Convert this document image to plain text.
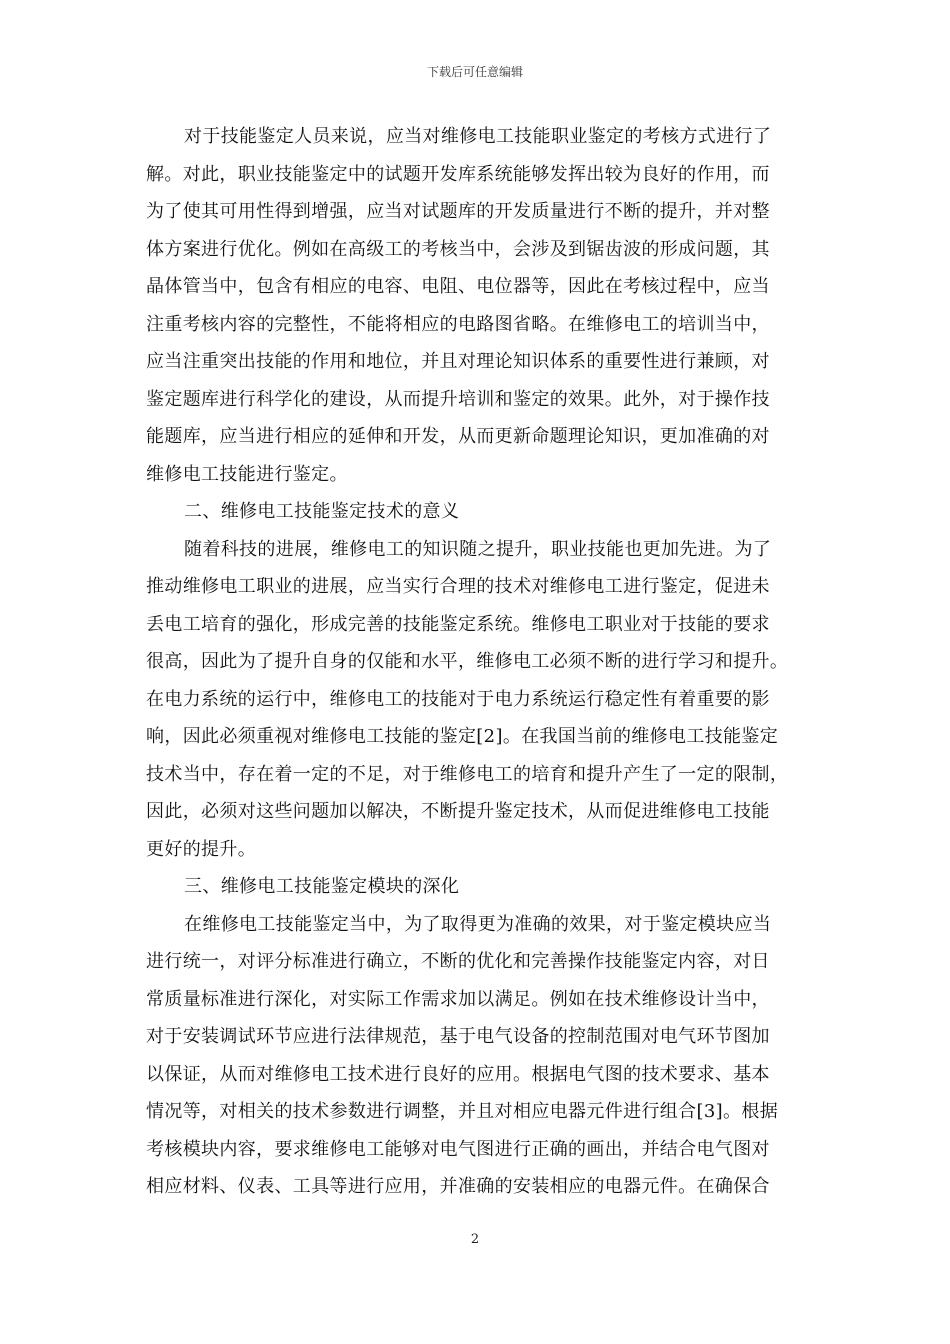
下载后可任意编辑
对于技能鉴定人员来说，应当对维修电工技能职业鉴定的考核方式进行了
解。对此，职业技能鉴定中的试题开发库系统能够发挥出较为良好的作用，而
为了使其可用性得到增强，应当对试题库的开发质量进行不断的提升，并对整
体方案进行优化。例如在高级工的考核当中，会涉及到锯齿波的形成问题，其
晶体管当中，包含有相应的电容、电阻、电位器等，因此在考核过程中，应当
注重考核内容的完整性，不能将相应的电路图省略。在维修电工的培训当中，
应当注重突出技能的作用和地位，并且对理论知识体系的重要性进行兼顾，对
鉴定题库进行科学化的建设，从而提升培训和鉴定的效果。此外，对于操作技
能题库，应当进行相应的延伸和开发，从而更新命题理论知识，更加准确的对
维修电工技能进行鉴定。
二、维修电工技能鉴定技术的意义
随着科技的进展，维修电工的知识随之提升，职业技能也更加先进。为了
推动维修电工职业的进展，应当实行合理的技术对维修电工进行鉴定，促进未
丢电工培育的强化，形成完善的技能鉴定系统。维修电工职业对于技能的要求
很高，因此为了提升自身的仅能和水平，维修电工必须不断的进行学习和提升。
在电力系统的运行中，维修电工的技能对于电力系统运行稳定性有着重要的影
响，因此必须重视对维修电工技能的鉴定[2]。在我国当前的维修电工技能鉴定
技术当中，存在着一定的不足，对于维修电工的培育和提升产生了一定的限制，
因此，必须对这些问题加以解决，不断提升鉴定技术，从而促进维修电工技能
更好的提升。
三、维修电工技能鉴定模块的深化
在维修电工技能鉴定当中，为了取得更为准确的效果，对于鉴定模块应当
进行统一，对评分标准进行确立，不断的优化和完善操作技能鉴定内容，对日
常质量标准进行深化，对实际工作需求加以满足。例如在技术维修设计当中，
对于安装调试环节应进行法律规范，基于电气设备的控制范围对电气环节图加
以保证，从而对维修电工技术进行良好的应用。根据电气图的技术要求、基本
情况等，对相关的技术参数进行调整，并且对相应电器元件进行组合[3]。根据
考核模块内容，要求维修电工能够对电气图进行正确的画出，并结合电气图对
相应材料、仪表、工具等进行应用，并准确的安装相应的电器元件。在确保合
2
